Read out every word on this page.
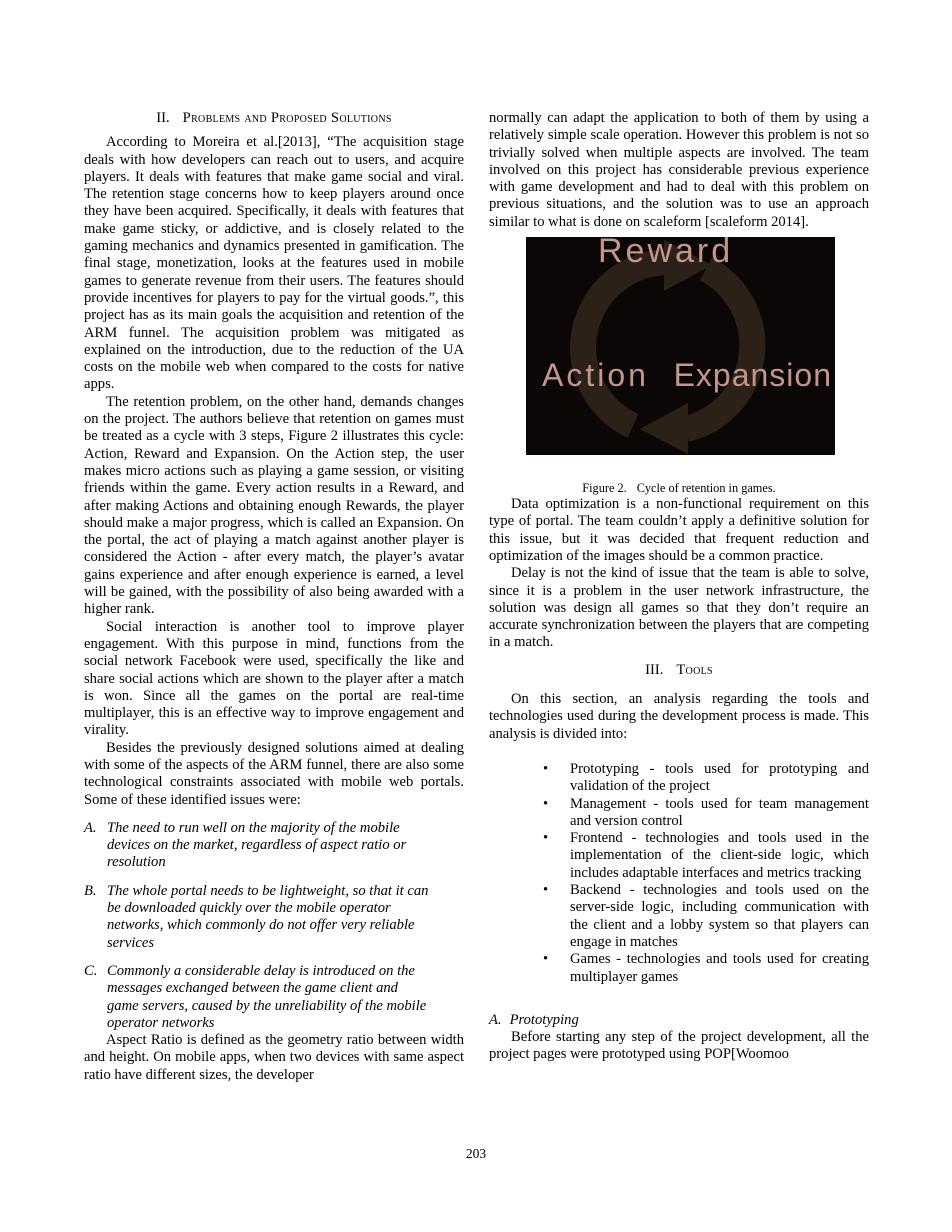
II. Problems and Proposed Solutions

According to Moreira et al.[2013], “The acquisition stage deals with how developers can reach out to users, and acquire players. It deals with features that make game social and viral. The retention stage concerns how to keep players around once they have been acquired. Specifically, it deals with features that make game sticky, or addictive, and is closely related to the gaming mechanics and dynamics presented in gamification. The final stage, monetization, looks at the features used in mobile games to generate revenue from their users. The features should provide incentives for players to pay for the virtual goods.”, this project has as its main goals the acquisition and retention of the ARM funnel. The acquisition problem was mitigated as explained on the introduction, due to the reduction of the UA costs on the mobile web when compared to the costs for native apps.

The retention problem, on the other hand, demands changes on the project. The authors believe that retention on games must be treated as a cycle with 3 steps, Figure 2 illustrates this cycle: Action, Reward and Expansion. On the Action step, the user makes micro actions such as playing a game session, or visiting friends within the game. Every action results in a Reward, and after making Actions and obtaining enough Rewards, the player should make a major progress, which is called an Expansion. On the portal, the act of playing a match against another player is considered the Action - after every match, the player’s avatar gains experience and after enough experience is earned, a level will be gained, with the possibility of also being awarded with a higher rank.

Social interaction is another tool to improve player engagement. With this purpose in mind, functions from the social network Facebook were used, specifically the like and share social actions which are shown to the player after a match is won. Since all the games on the portal are real-time multiplayer, this is an effective way to improve engagement and virality.

Besides the previously designed solutions aimed at dealing with some of the aspects of the ARM funnel, there are also some technological constraints associated with mobile web portals. Some of these identified issues were:

A. The need to run well on the majority of the mobile devices on the market, regardless of aspect ratio or resolution
B. The whole portal needs to be lightweight, so that it can be downloaded quickly over the mobile operator networks, which commonly do not offer very reliable services
C. Commonly a considerable delay is introduced on the messages exchanged between the game client and game servers, caused by the unreliability of the mobile operator networks

Aspect Ratio is defined as the geometry ratio between width and height. On mobile apps, when two devices with same aspect ratio have different sizes, the developer

normally can adapt the application to both of them by using a relatively simple scale operation. However this problem is not so trivially solved when multiple aspects are involved. The team involved on this project has considerable previous experience with game development and had to deal with this problem on previous situations, and the solution was to use an approach similar to what is done on scaleform [scaleform 2014].

Reward
Action Expansion
Figure 2. Cycle of retention in games.

Data optimization is a non-functional requirement on this type of portal. The team couldn’t apply a definitive solution for this issue, but it was decided that frequent reduction and optimization of the images should be a common practice.

Delay is not the kind of issue that the team is able to solve, since it is a problem in the user network infrastructure, the solution was design all games so that they don’t require an accurate synchronization between the players that are competing in a match.

III. Tools

On this section, an analysis regarding the tools and technologies used during the development process is made. This analysis is divided into:

•	Prototyping - tools used for prototyping and validation of the project
•	Management - tools used for team management and version control
•	Frontend - technologies and tools used in the implementation of the client-side logic, which includes adaptable interfaces and metrics tracking
•	Backend - technologies and tools used on the server-side logic, including communication with the client and a lobby system so that players can engage in matches
•	Games - technologies and tools used for creating multiplayer games
A. Prototyping

Before starting any step of the project development, all the project pages were prototyped using POP[Woomoo

203
